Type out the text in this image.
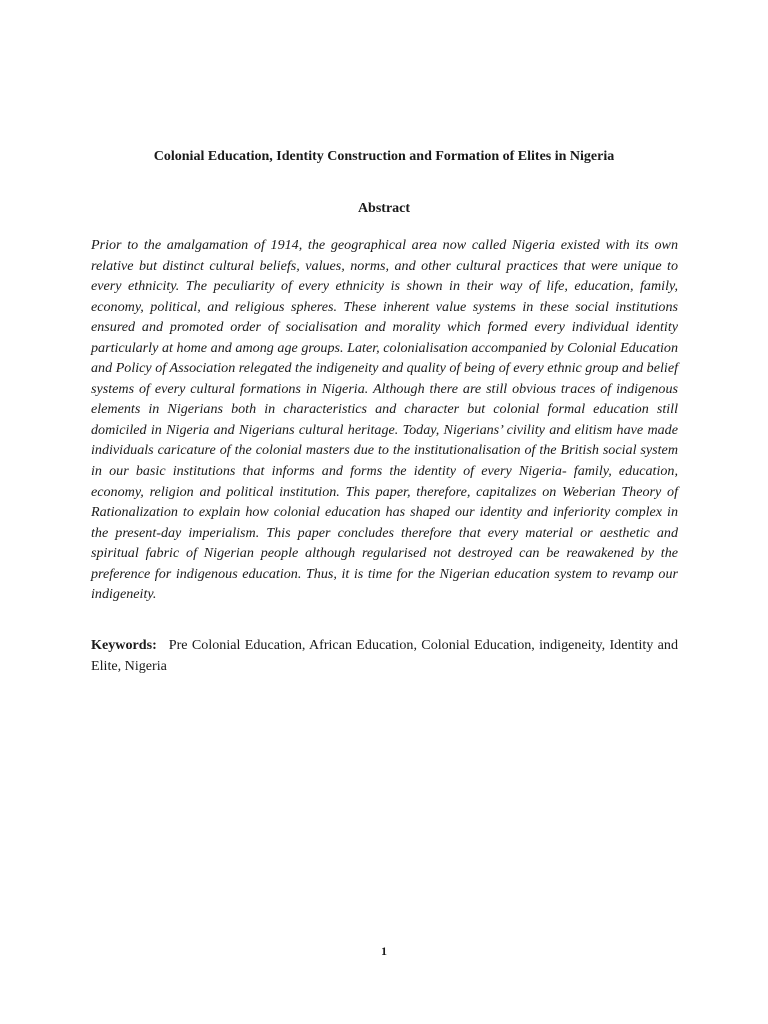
Colonial Education, Identity Construction and Formation of Elites in Nigeria
Abstract

Prior to the amalgamation of 1914, the geographical area now called Nigeria existed with its own relative but distinct cultural beliefs, values, norms, and other cultural practices that were unique to every ethnicity. The peculiarity of every ethnicity is shown in their way of life, education, family, economy, political, and religious spheres. These inherent value systems in these social institutions ensured and promoted order of socialisation and morality which formed every individual identity particularly at home and among age groups. Later, colonialisation accompanied by Colonial Education and Policy of Association relegated the indigeneity and quality of being of every ethnic group and belief systems of every cultural formations in Nigeria. Although there are still obvious traces of indigenous elements in Nigerians both in characteristics and character but colonial formal education still domiciled in Nigeria and Nigerians cultural heritage. Today, Nigerians’ civility and elitism have made individuals caricature of the colonial masters due to the institutionalisation of the British social system in our basic institutions that informs and forms the identity of every Nigeria- family, education, economy, religion and political institution. This paper, therefore, capitalizes on Weberian Theory of Rationalization to explain how colonial education has shaped our identity and inferiority complex in the present-day imperialism. This paper concludes therefore that every material or aesthetic and spiritual fabric of Nigerian people although regularised not destroyed can be reawakened by the preference for indigenous education. Thus, it is time for the Nigerian education system to revamp our indigeneity.

Keywords: Pre Colonial Education, African Education, Colonial Education, indigeneity, Identity and Elite, Nigeria

1
